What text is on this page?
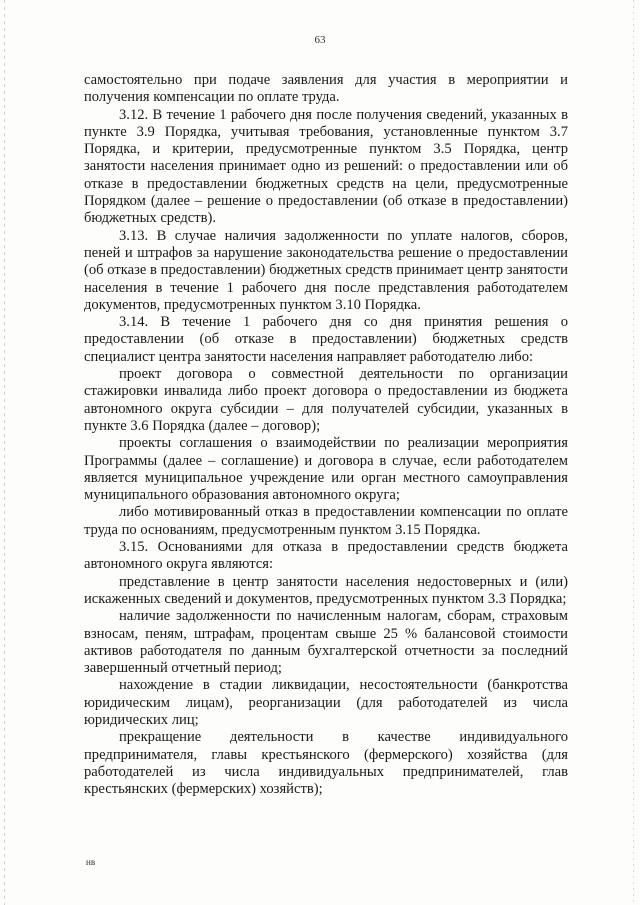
63

самостоятельно при подаче заявления для участия в мероприятии и получения компенсации по оплате труда.

3.12. В течение 1 рабочего дня после получения сведений, указанных в пункте 3.9 Порядка, учитывая требования, установленные пунктом 3.7 Порядка, и критерии, предусмотренные пунктом 3.5 Порядка, центр занятости населения принимает одно из решений: о предоставлении или об отказе в предоставлении бюджетных средств на цели, предусмотренные Порядком (далее – решение о предоставлении (об отказе в предоставлении) бюджетных средств).

3.13. В случае наличия задолженности по уплате налогов, сборов, пеней и штрафов за нарушение законодательства решение о предоставлении (об отказе в предоставлении) бюджетных средств принимает центр занятости населения в течение 1 рабочего дня после представления работодателем документов, предусмотренных пунктом 3.10 Порядка.

3.14. В течение 1 рабочего дня со дня принятия решения о предоставлении (об отказе в предоставлении) бюджетных средств специалист центра занятости населения направляет работодателю либо:

проект договора о совместной деятельности по организации стажировки инвалида либо проект договора о предоставлении из бюджета автономного округа субсидии – для получателей субсидии, указанных в пункте 3.6 Порядка (далее – договор);

проекты соглашения о взаимодействии по реализации мероприятия Программы (далее – соглашение) и договора в случае, если работодателем является муниципальное учреждение или орган местного самоуправления муниципального образования автономного округа;

либо мотивированный отказ в предоставлении компенсации по оплате труда по основаниям, предусмотренным пунктом 3.15 Порядка.

3.15. Основаниями для отказа в предоставлении средств бюджета автономного округа являются:

представление в центр занятости населения недостоверных и (или) искаженных сведений и документов, предусмотренных пунктом 3.3 Порядка;

наличие задолженности по начисленным налогам, сборам, страховым взносам, пеням, штрафам, процентам свыше 25 % балансовой стоимости активов работодателя по данным бухгалтерской отчетности за последний завершенный отчетный период;

нахождение в стадии ликвидации, несостоятельности (банкротства юридическим лицам), реорганизации (для работодателей из числа юридических лиц;

прекращение деятельности в качестве индивидуального предпринимателя, главы крестьянского (фермерского) хозяйства (для работодателей из числа индивидуальных предпринимателей, глав крестьянских (фермерских) хозяйств);

нв
